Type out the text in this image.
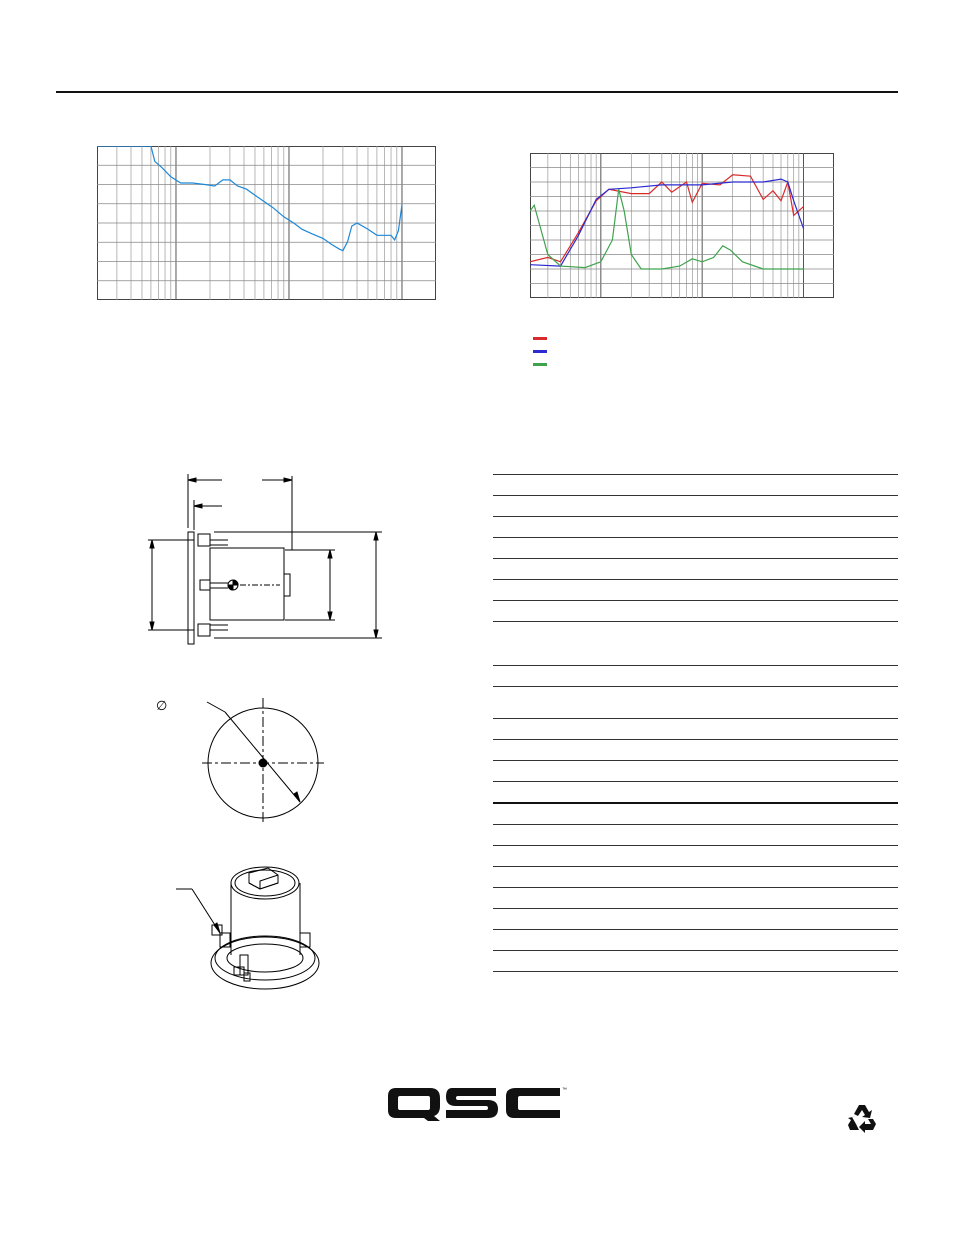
∅
™
